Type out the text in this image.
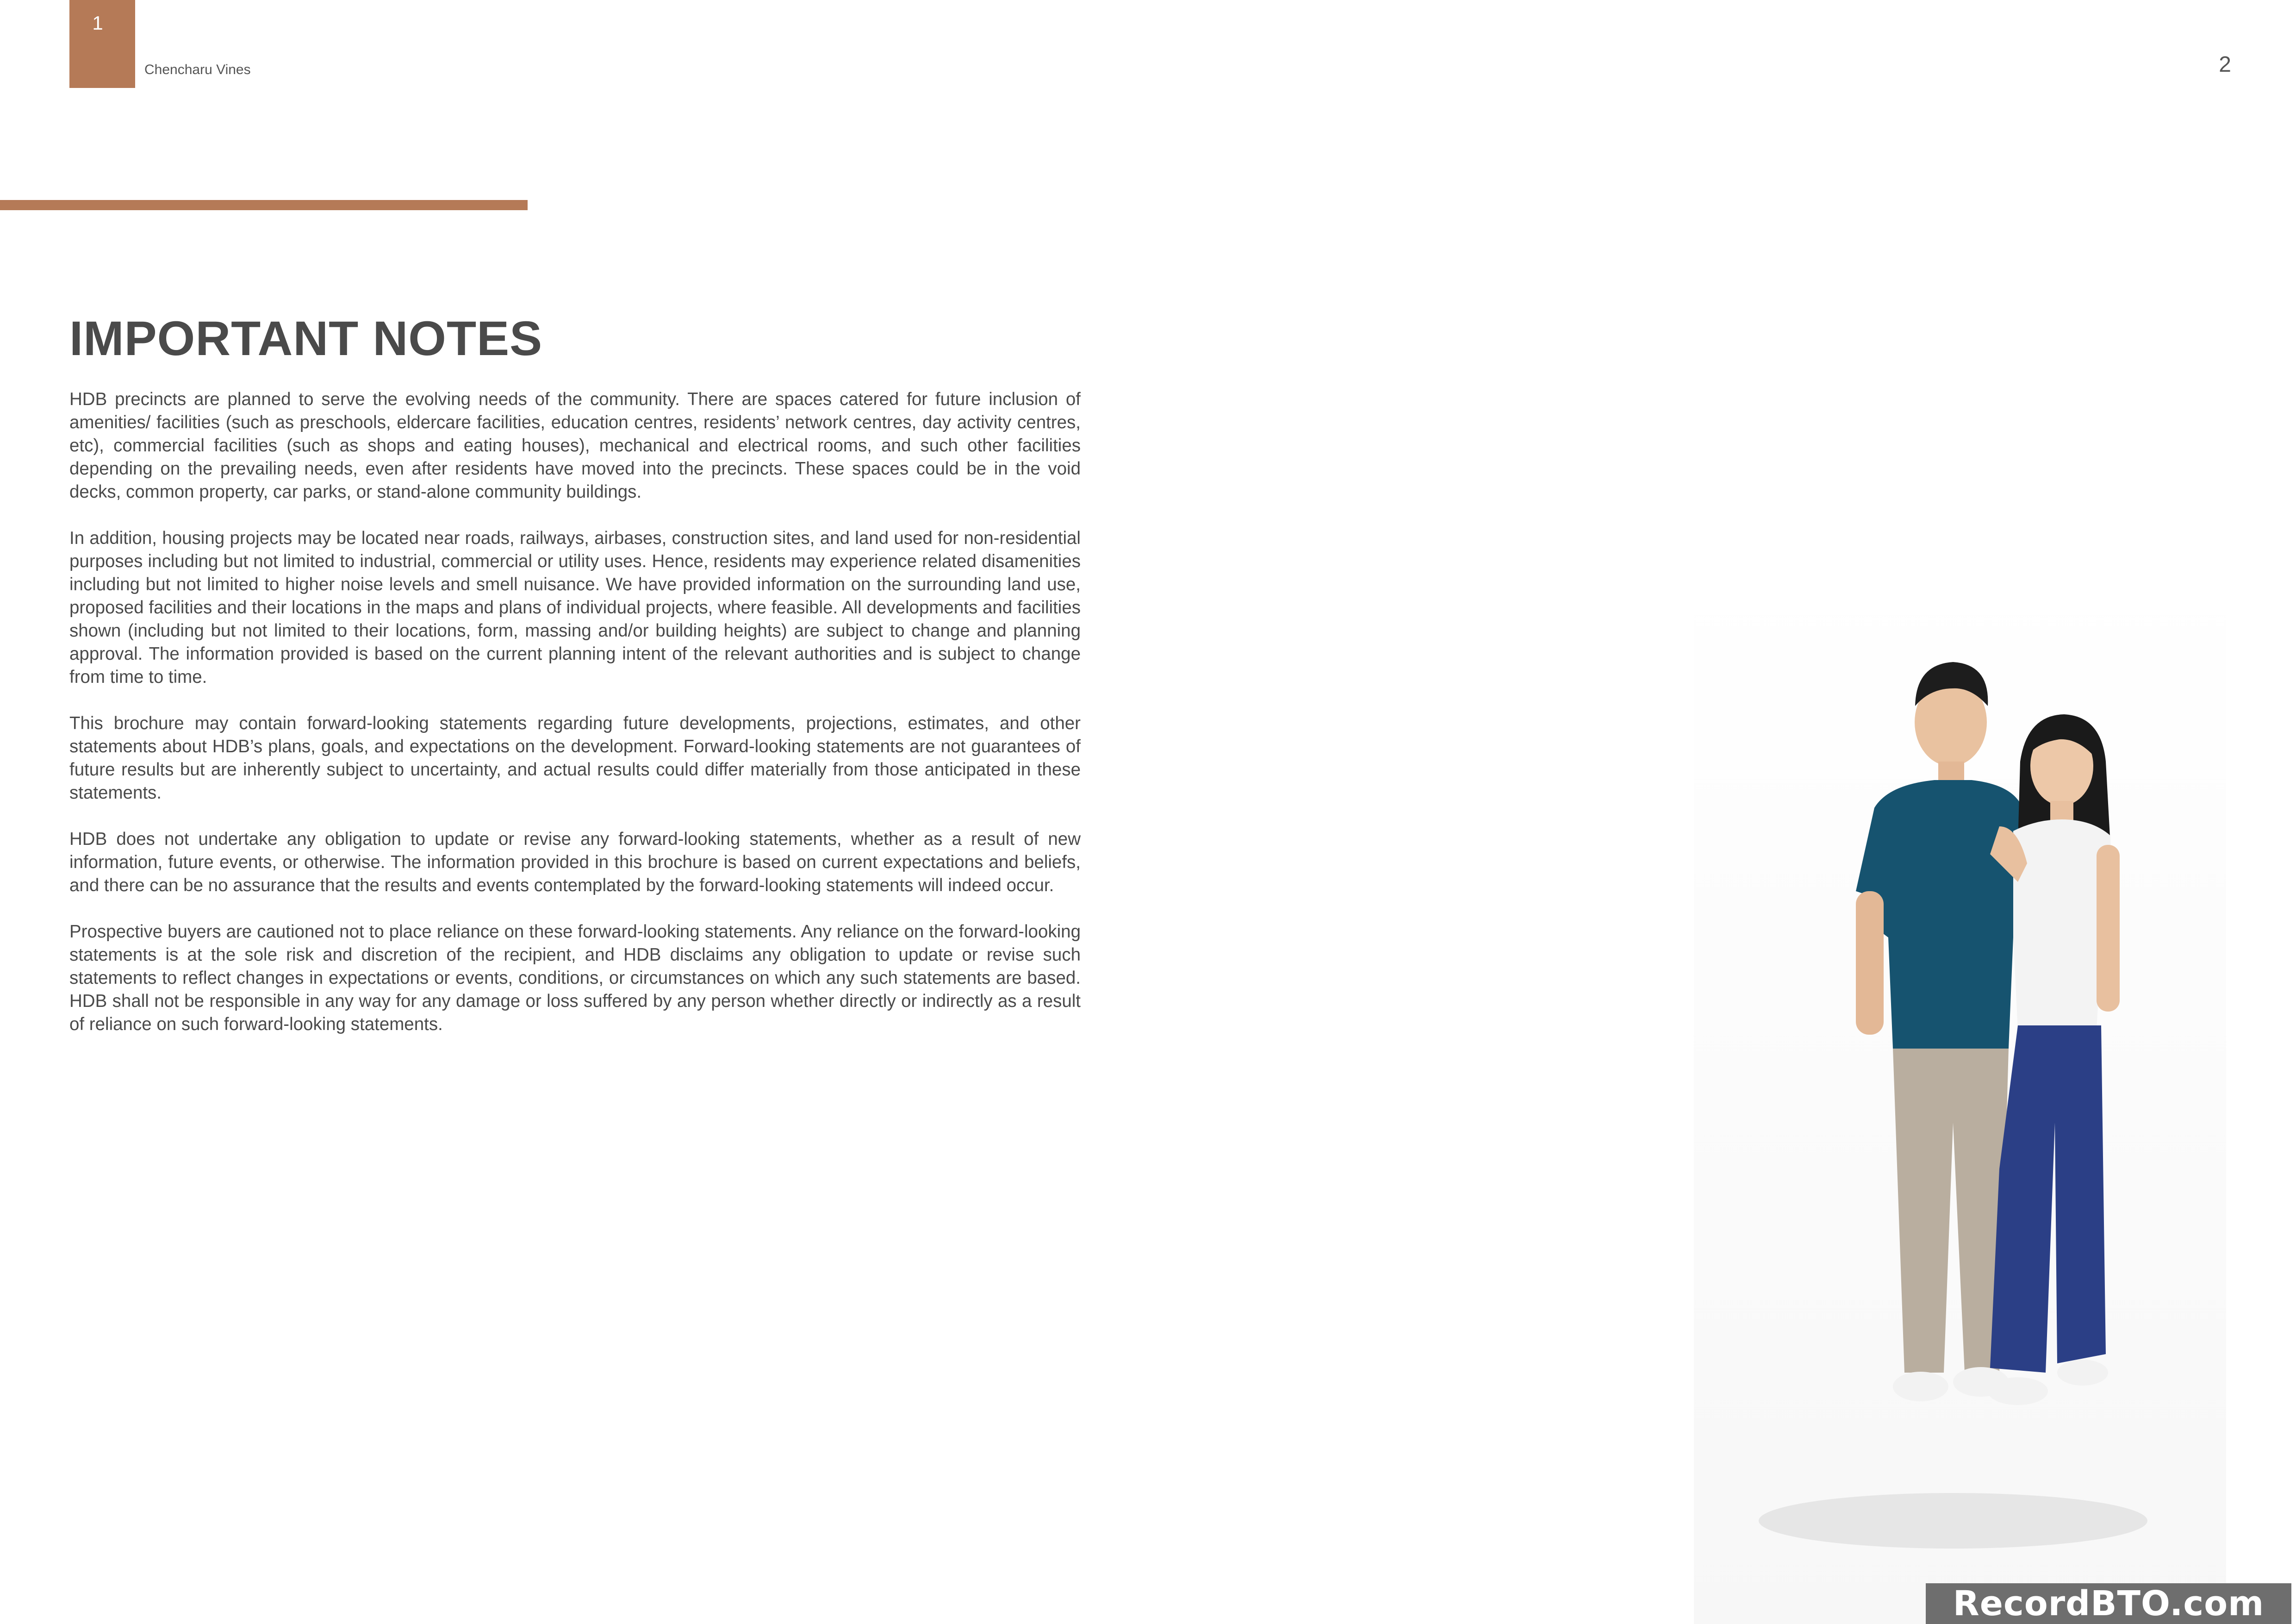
1
Chencharu Vines	2
IMPORTANT NOTES

HDB precincts are planned to serve the evolving needs of the community. There are spaces catered for future inclusion of amenities/ facilities (such as preschools, eldercare facilities, education centres, residents’ network centres, day activity centres, etc), commercial facilities (such as shops and eating houses), mechanical and electrical rooms, and such other facilities depending on the prevailing needs, even after residents have moved into the precincts. These spaces could be in the void decks, common property, car parks, or stand-alone community buildings.

In addition, housing projects may be located near roads, railways, airbases, construction sites, and land used for non-residential purposes including but not limited to industrial, commercial or utility uses. Hence, residents may experience related disamenities including but not limited to higher noise levels and smell nuisance. We have provided information on the surrounding land use, proposed facilities and their locations in the maps and plans of individual projects, where feasible. All developments and facilities shown (including but not limited to their locations, form, massing and/or building heights) are subject to change and planning approval. The information provided is based on the current planning intent of the relevant authorities and is subject to change from time to time.

This brochure may contain forward-looking statements regarding future developments, projections, estimates, and other statements about HDB’s plans, goals, and expectations on the development. Forward-looking statements are not guarantees of future results but are inherently subject to uncertainty, and actual results could differ materially from those anticipated in these statements.

HDB does not undertake any obligation to update or revise any forward-looking statements, whether as a result of new information, future events, or otherwise. The information provided in this brochure is based on current expectations and beliefs, and there can be no assurance that the results and events contemplated by the forward-looking statements will indeed occur.

Prospective buyers are cautioned not to place reliance on these forward-looking statements. Any reliance on the forward-looking statements is at the sole risk and discretion of the recipient, and HDB disclaims any obligation to update or revise such statements to reflect changes in expectations or events, conditions, or circumstances on which any such statements are based. HDB shall not be responsible in any way for any damage or loss suffered by any person whether directly or indirectly as a result of reliance on such forward-looking statements.

RecordBTO.com
